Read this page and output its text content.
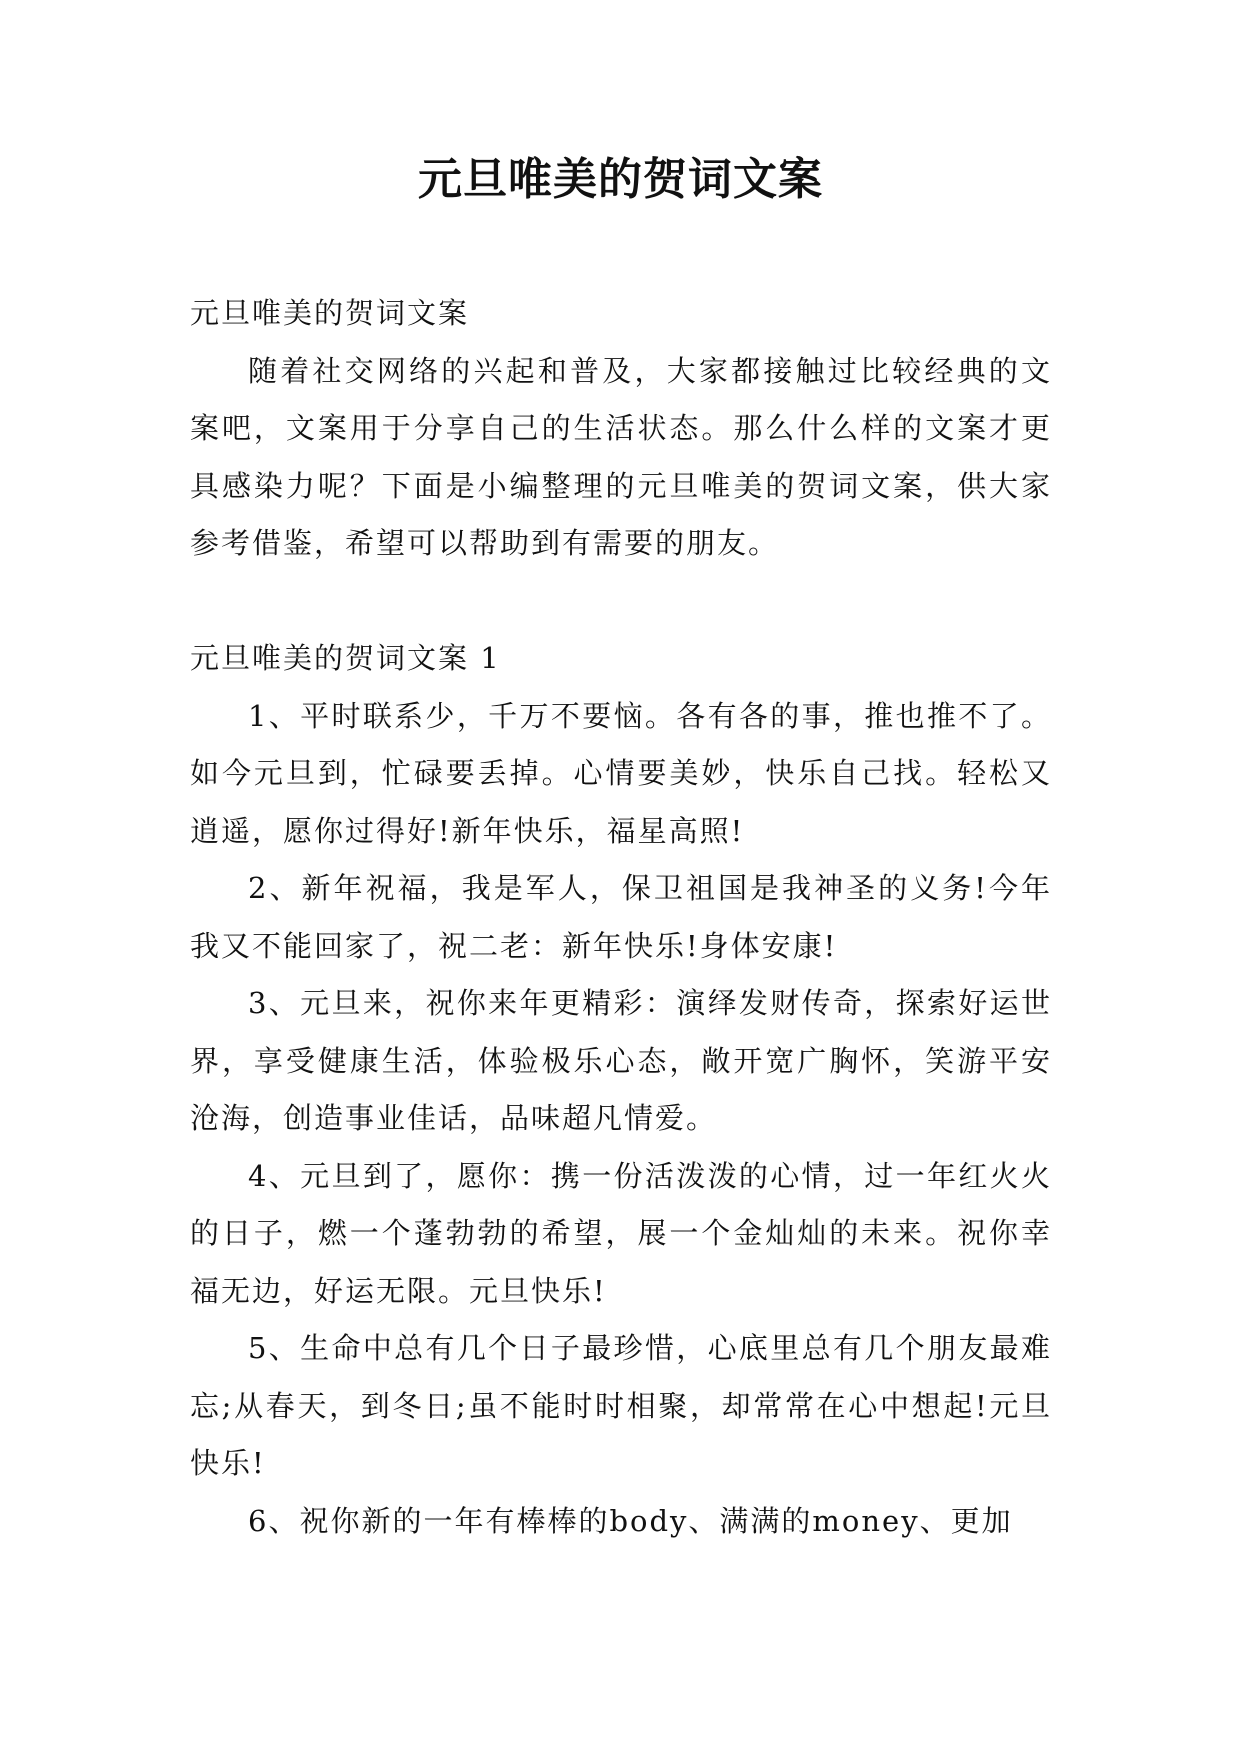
元旦唯美的贺词文案

元旦唯美的贺词文案

随着社交网络的兴起和普及，大家都接触过比较经典的文案吧，文案用于分享自己的生活状态。那么什么样的文案才更具感染力呢？下面是小编整理的元旦唯美的贺词文案，供大家参考借鉴，希望可以帮助到有需要的朋友。

元旦唯美的贺词文案 1

1、平时联系少，千万不要恼。各有各的事，推也推不了。如今元旦到，忙碌要丢掉。心情要美妙，快乐自己找。轻松又逍遥，愿你过得好!新年快乐，福星高照!

2、新年祝福，我是军人，保卫祖国是我神圣的义务!今年我又不能回家了，祝二老：新年快乐!身体安康!

3、元旦来，祝你来年更精彩：演绎发财传奇，探索好运世界，享受健康生活，体验极乐心态，敞开宽广胸怀，笑游平安沧海，创造事业佳话，品味超凡情爱。

4、元旦到了，愿你：携一份活泼泼的心情，过一年红火火的日子，燃一个蓬勃勃的希望，展一个金灿灿的未来。祝你幸福无边，好运无限。元旦快乐!

5、生命中总有几个日子最珍惜，心底里总有几个朋友最难忘;从春天，到冬日;虽不能时时相聚，却常常在心中想起!元旦快乐!

6、祝你新的一年有棒棒的body、满满的money、更加
